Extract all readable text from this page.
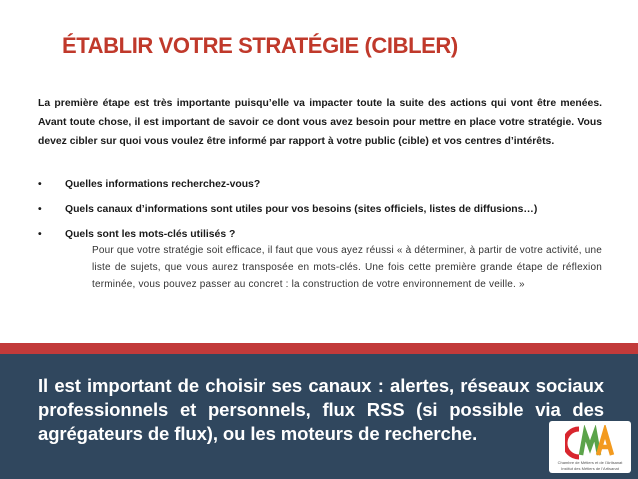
ÉTABLIR VOTRE STRATÉGIE (CIBLER)
La première étape est très importante puisqu’elle va impacter toute la suite des actions qui vont être menées. Avant toute chose, il est important de savoir ce dont vous avez besoin pour mettre en place votre stratégie. Vous devez cibler sur quoi vous voulez être informé par rapport à votre public (cible) et vos centres d’intérêts.
• Quelles informations recherchez-vous?
• Quels canaux d’informations sont utiles pour vos besoins (sites officiels, listes de diffusions…)
• Quels sont les mots-clés utilisés ?
Pour que votre stratégie soit efficace, il faut que vous ayez réussi « à déterminer, à partir de votre activité, une liste de sujets, que vous aurez transposée en mots-clés. Une fois cette première grande étape de réflexion terminée, vous pouvez passer au concret : la construction de votre environnement de veille. »
Il est important de choisir ses canaux : alertes, réseaux sociaux professionnels et personnels, flux RSS (si possible via des agrégateurs de flux), ou les moteurs de recherche.
Chambre de Métiers et de l'Artisanat
Institut des Métiers de l'Artisanat
